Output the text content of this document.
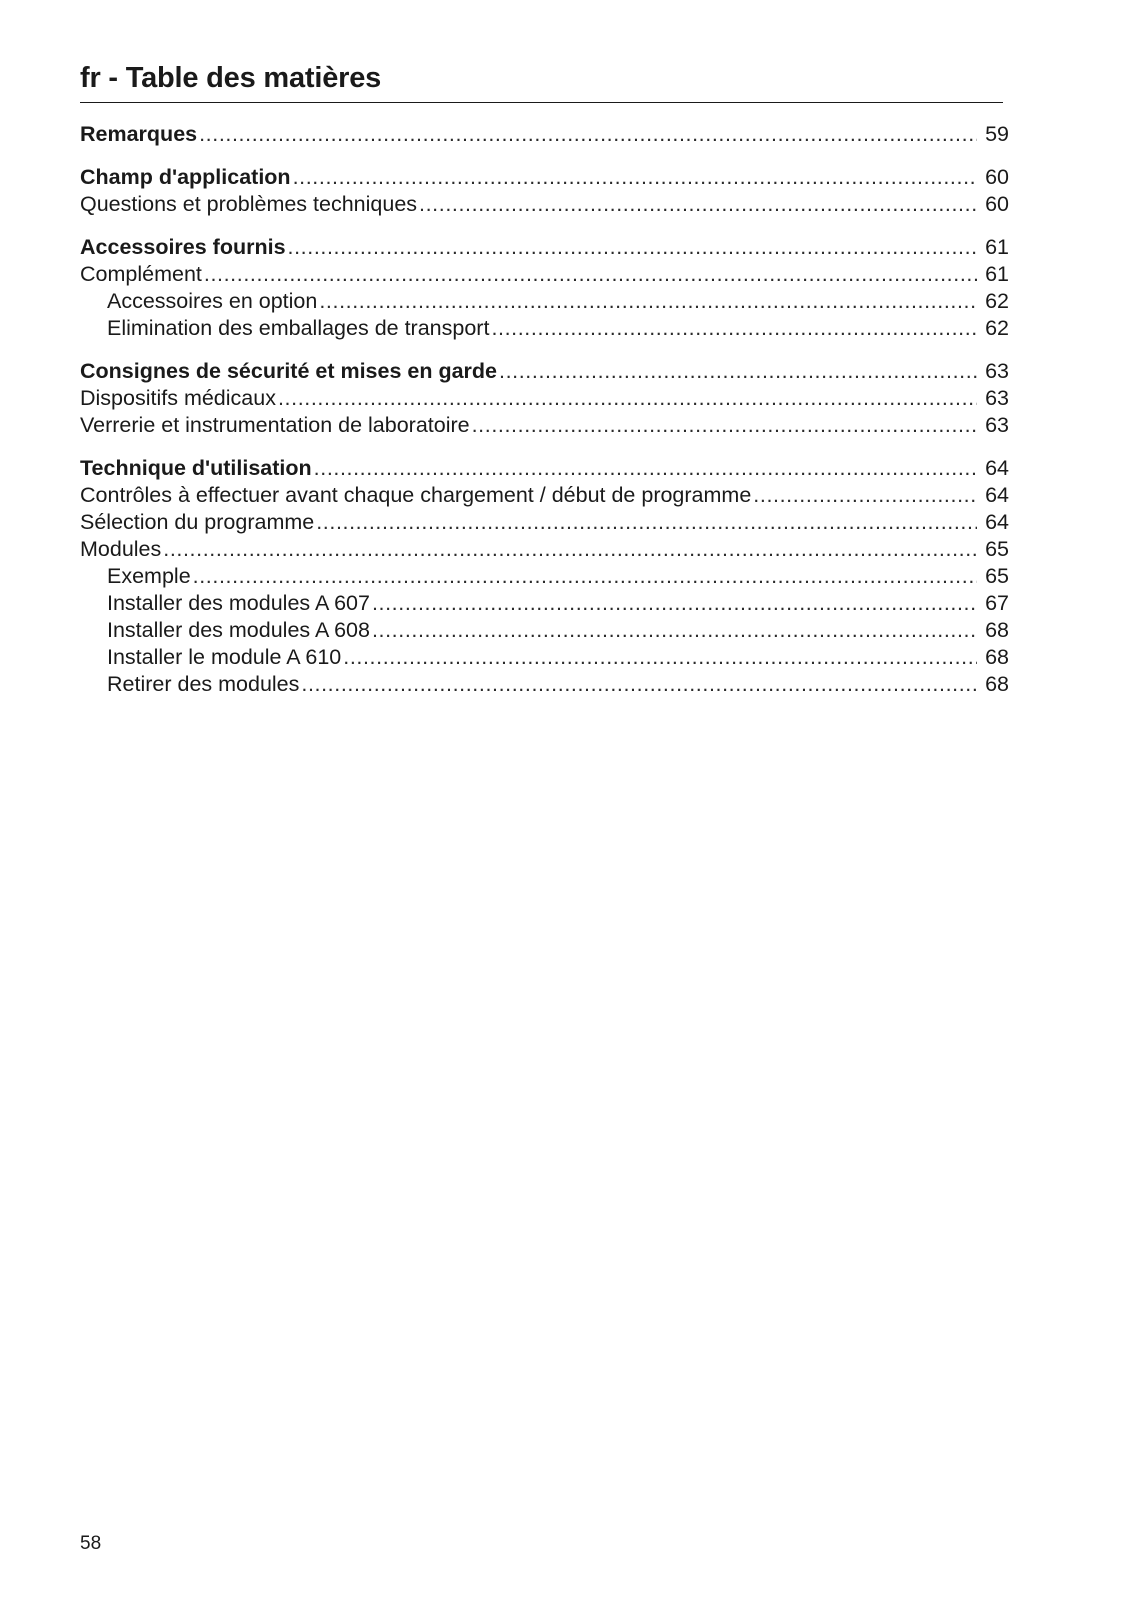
fr - Table des matières
Remarques .....	59
Champ d'application .....	60
Questions et problèmes techniques .....	60
Accessoires fournis .....	61
Complément .....	61
Accessoires en option .....	62
Elimination des emballages de transport .....	62
Consignes de sécurité et mises en garde .....	63
Dispositifs médicaux .....	63
Verrerie et instrumentation de laboratoire .....	63
Technique d'utilisation .....	64
Contrôles à effectuer avant chaque chargement / début de programme .....	64
Sélection du programme .....	64
Modules .....	65
Exemple .....	65
Installer des modules A 607 .....	67
Installer des modules A 608 .....	68
Installer le module A 610 .....	68
Retirer des modules .....	68
58
